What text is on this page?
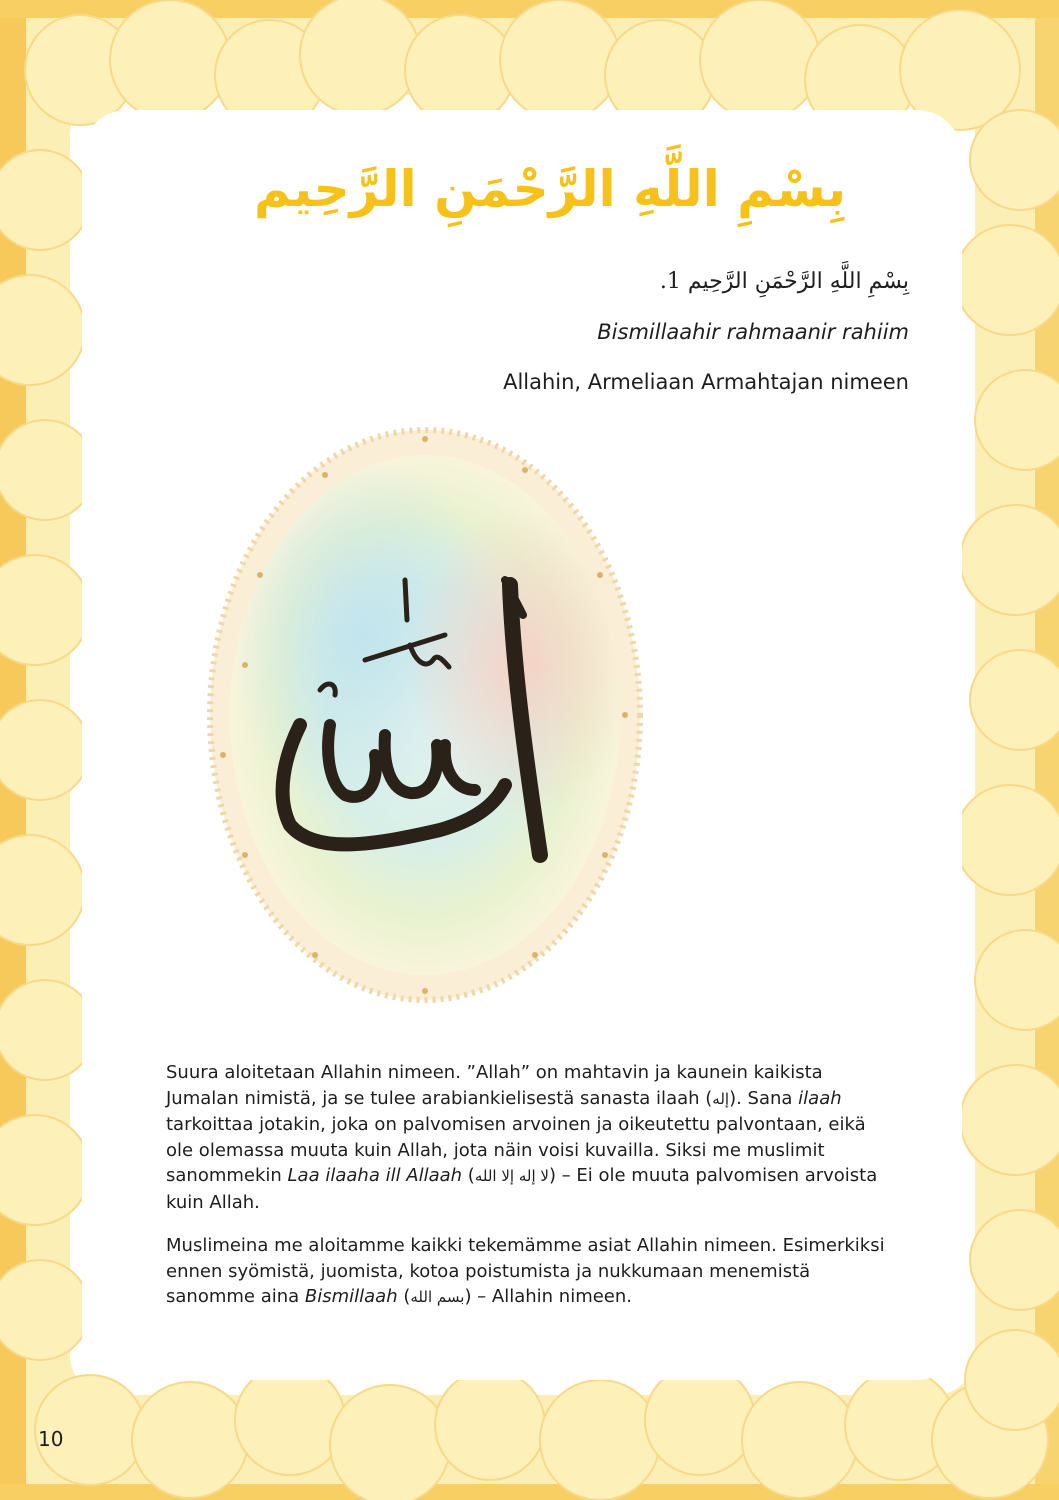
بِسْمِ اللَّهِ الرَّحْمَنِ الرَّحِيم
بِسْمِ اللَّهِ الرَّحْمَنِ الرَّحِيم 1.
Bismillaahir rahmaanir rahiim
Allahin, Armeliaan Armahtajan nimeen

Suura aloitetaan Allahin nimeen. ”Allah” on mahtavin ja kaunein kaikista Jumalan nimistä, ja se tulee arabiankielisestä sanasta ilaah (إله). Sana ilaah tarkoittaa jotakin, joka on palvomisen arvoinen ja oikeutettu palvontaan, eikä ole olemassa muuta kuin Allah, jota näin voisi kuvailla. Siksi me muslimit sanommekin Laa ilaaha ill Allaah (لا إله إلا الله) – Ei ole muuta palvomisen arvoista kuin Allah.

Muslimeina me aloitamme kaikki tekemämme asiat Allahin nimeen. Esimerkiksi ennen syömistä, juomista, kotoa poistumista ja nukkumaan menemistä sanomme aina Bismillaah (بسم الله) – Allahin nimeen.

10
